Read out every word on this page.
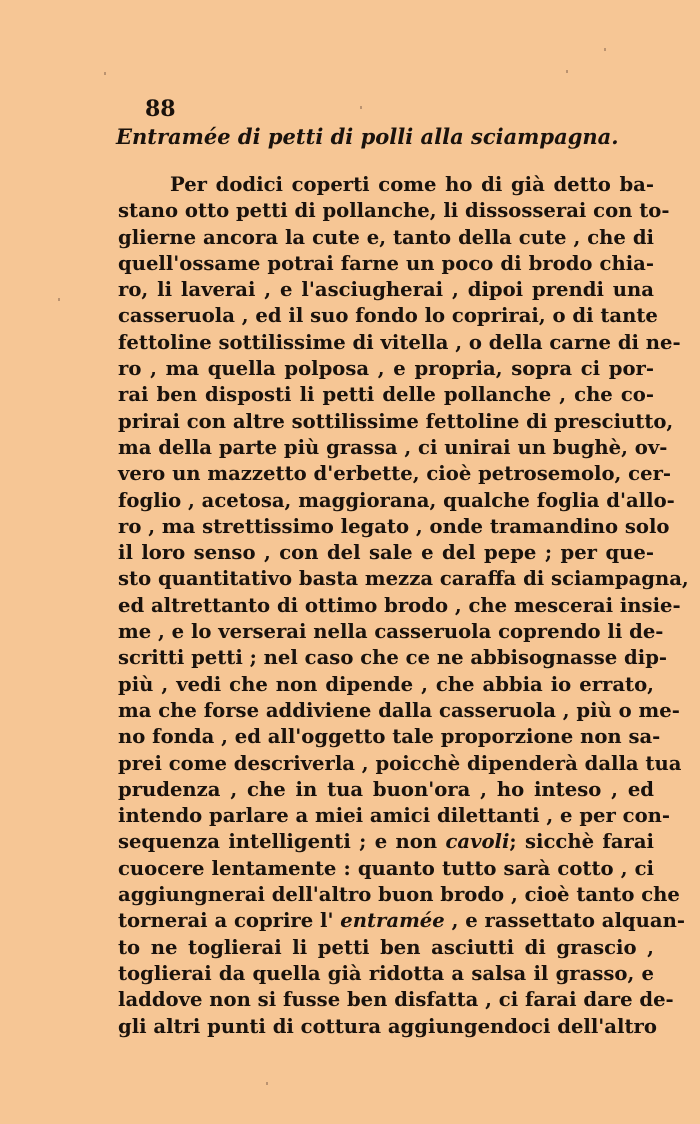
88
Entramée di petti di polli alla sciampagna.
Per dodici coperti come ho di già detto ba-
stano otto petti di pollanche, li dissosserai con to-
glierne ancora la cute e, tanto della cute , che di
quell'ossame potrai farne un poco di brodo chia-
ro, li laverai , e l'asciugherai , dipoi prendi una
casseruola , ed il suo fondo lo coprirai, o di tante
fettoline sottilissime di vitella , o della carne di ne-
ro , ma quella polposa , e propria, sopra ci por-
rai ben disposti li petti delle pollanche , che co-
prirai con altre sottilissime fettoline di presciutto,
ma della parte più grassa , ci unirai un bughè, ov-
vero un mazzetto d'erbette, cioè petrosemolo, cer-
foglio , acetosa, maggiorana, qualche foglia d'allo-
ro , ma strettissimo legato , onde tramandino solo
il loro senso , con del sale e del pepe ; per que-
sto quantitativo basta mezza caraffa di sciampagna,
ed altrettanto di ottimo brodo , che mescerai insie-
me , e lo verserai nella casseruola coprendo li de-
scritti petti ; nel caso che ce ne abbisognasse dip-
più , vedi che non dipende , che abbia io errato,
ma che forse addiviene dalla casseruola , più o me-
no fonda , ed all'oggetto tale proporzione non sa-
prei come descriverla , poicchè dipenderà dalla tua
prudenza , che in tua buon'ora , ho inteso , ed
intendo parlare a miei amici dilettanti , e per con-
sequenza intelligenti ; e non cavoli; sicchè farai
cuocere lentamente : quanto tutto sarà cotto , ci
aggiungnerai dell'altro buon brodo , cioè tanto che
tornerai a coprire l' entramée , e rassettato alquan-
to ne toglierai li petti ben asciutti di grascio ,
toglierai da quella già ridotta a salsa il grasso, e
laddove non si fusse ben disfatta , ci farai dare de-
gli altri punti di cottura aggiungendoci dell'altro
